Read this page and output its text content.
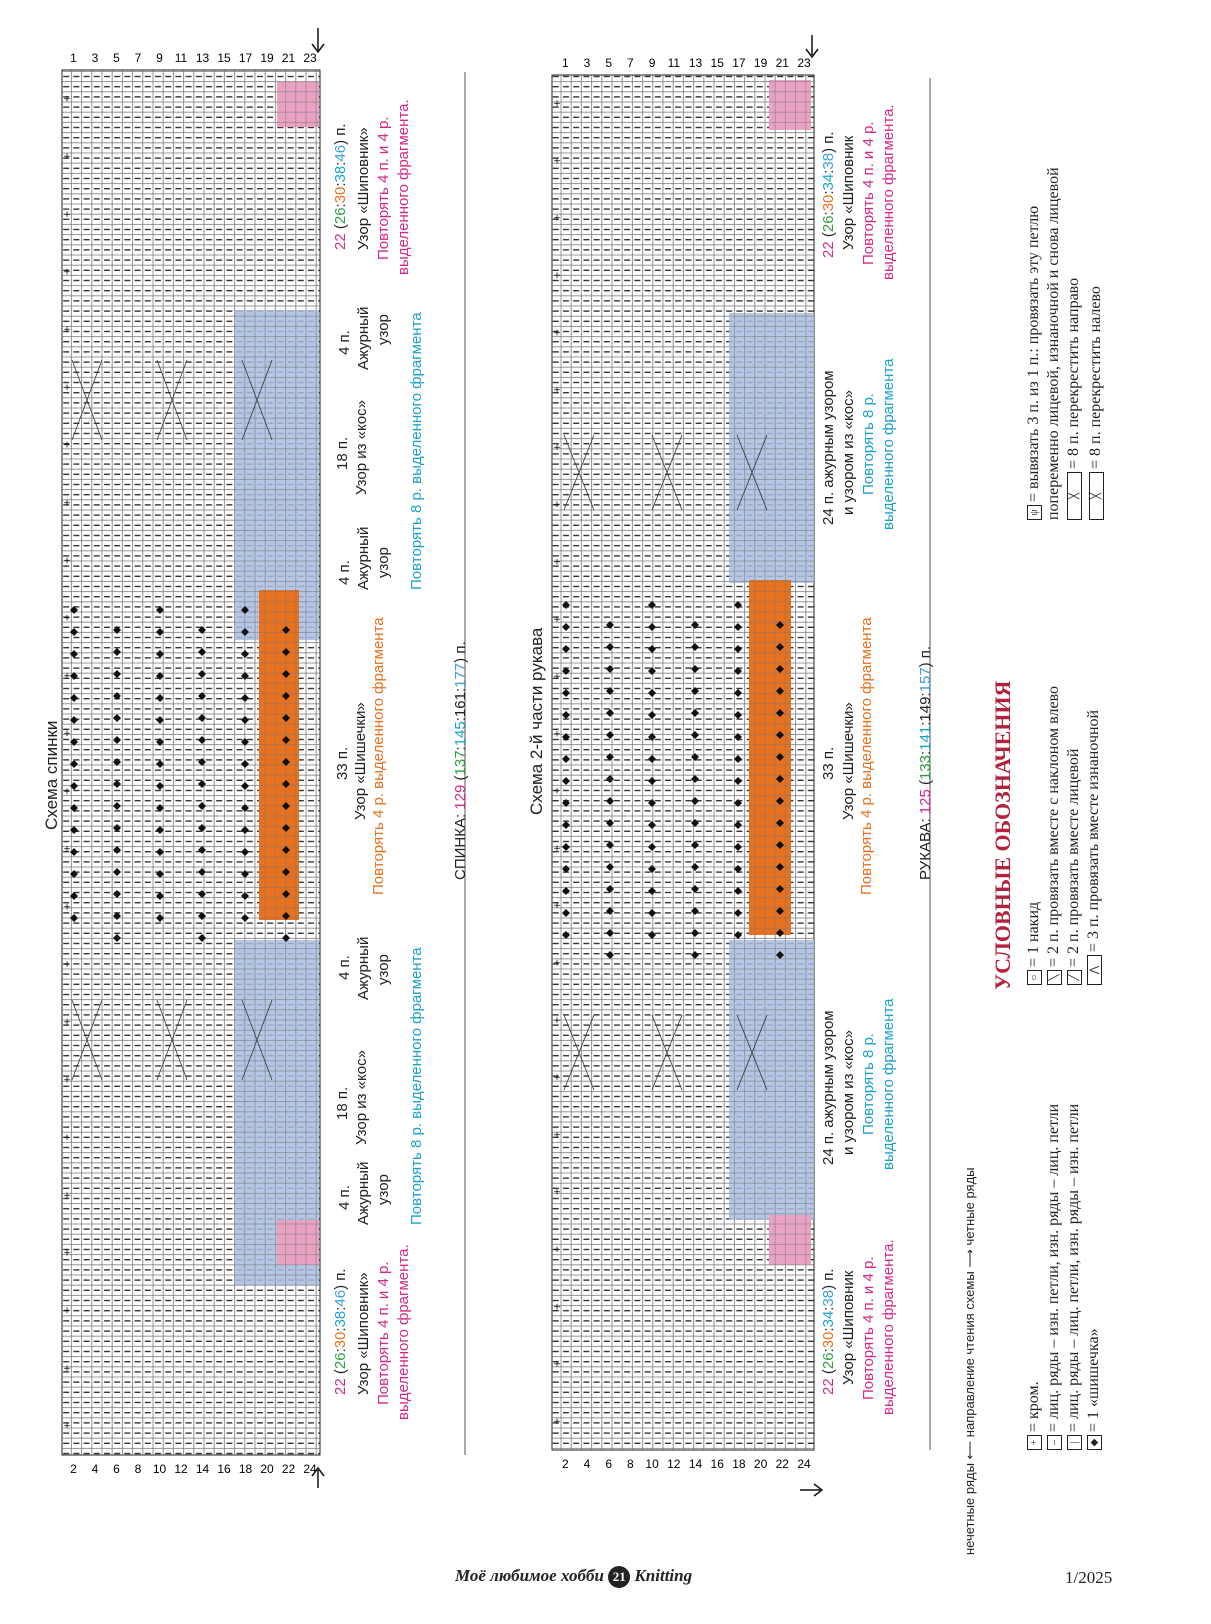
+
+
+
+
+
+
+
+
+
+
+
+
+
+
+
+
+
+
+
+
+
+
+
+
23
21
19
17
15
13
11
9
7
5
3
1
24
22
20
18
16
14
12
10
8
6
4
2
+
+
+
+
+
+
+
+
+
+
+
+
+
+
+
+
+
+
+
+
+
+
+
+
23
21
19
17
15
13
11
9
7
5
3
1
24
22
20
18
16
14
12
10
8
6
4
2
Схема спинки
СПИНКА: 129 (137:145:161:177) п.
22 (26:30:38:46) п. Узор «Шиповник» Повторять 4 п. и 4 р. выделенного фрагмента.
4 п. Ажурный узор
18 п. Узор из «кос»
4 п. Ажурный узор Повторять 8 р. выделенного фрагмента
33 п. Узор «Шишечки» Повторять 4 р. выделенного фрагмента
4 п. Ажурный узор
18 п. Узор из «кос»
4 п. Ажурный узор Повторять 8 р. выделенного фрагмента
22 (26:30:38:46) п. Узор «Шиповник» Повторять 4 п. и 4 р. выделенного фрагмента.
Схема 2-й части рукава
РУКАВА: 125 (133:141:149:157) п.
22 (26:30:34:38) п. Узор «Шиповник Повторять 4 п. и 4 р. выделенного фрагмента.
24 п. ажурным узором и узором из «кос» Повторять 8 р. выделенного фрагмента
33 п. Узор «Шишечки» Повторять 4 р. выделенного фрагмента
24 п. ажурным узором и узором из «кос» Повторять 8 р. выделенного фрагмента
22 (26:30:34:38) п. Узор «Шиповник Повторять 4 п. и 4 р. выделенного фрагмента.
нечетные ряды ⟵ направление чтения схемы ⟶ четные ряды
УСЛОВНЫЕ ОБОЗНАЧЕНИЯ
+= кром.
–= лиц. ряды – изн. петли, изн. ряды – лиц. петли
|= лиц. ряды – лиц. петли, изн. ряды – изн. петли
◆= 1 «шишечка»
○= 1 накид
╲= 2 п. провязать вместе с наклоном влево
╱= 2 п. провязать вместе лицевой
⋀= 3 п. провязать вместе изнаночной
ψ= вывязать 3 п. из 1 п.: провязать эту петлю попеременно лицевой, изнаночной и снова лицевой ╳= 8 п. перекрестить направо
╳= 8 п. перекрестить налево
Моё любимое хобби 21 Knitting	1/2025
